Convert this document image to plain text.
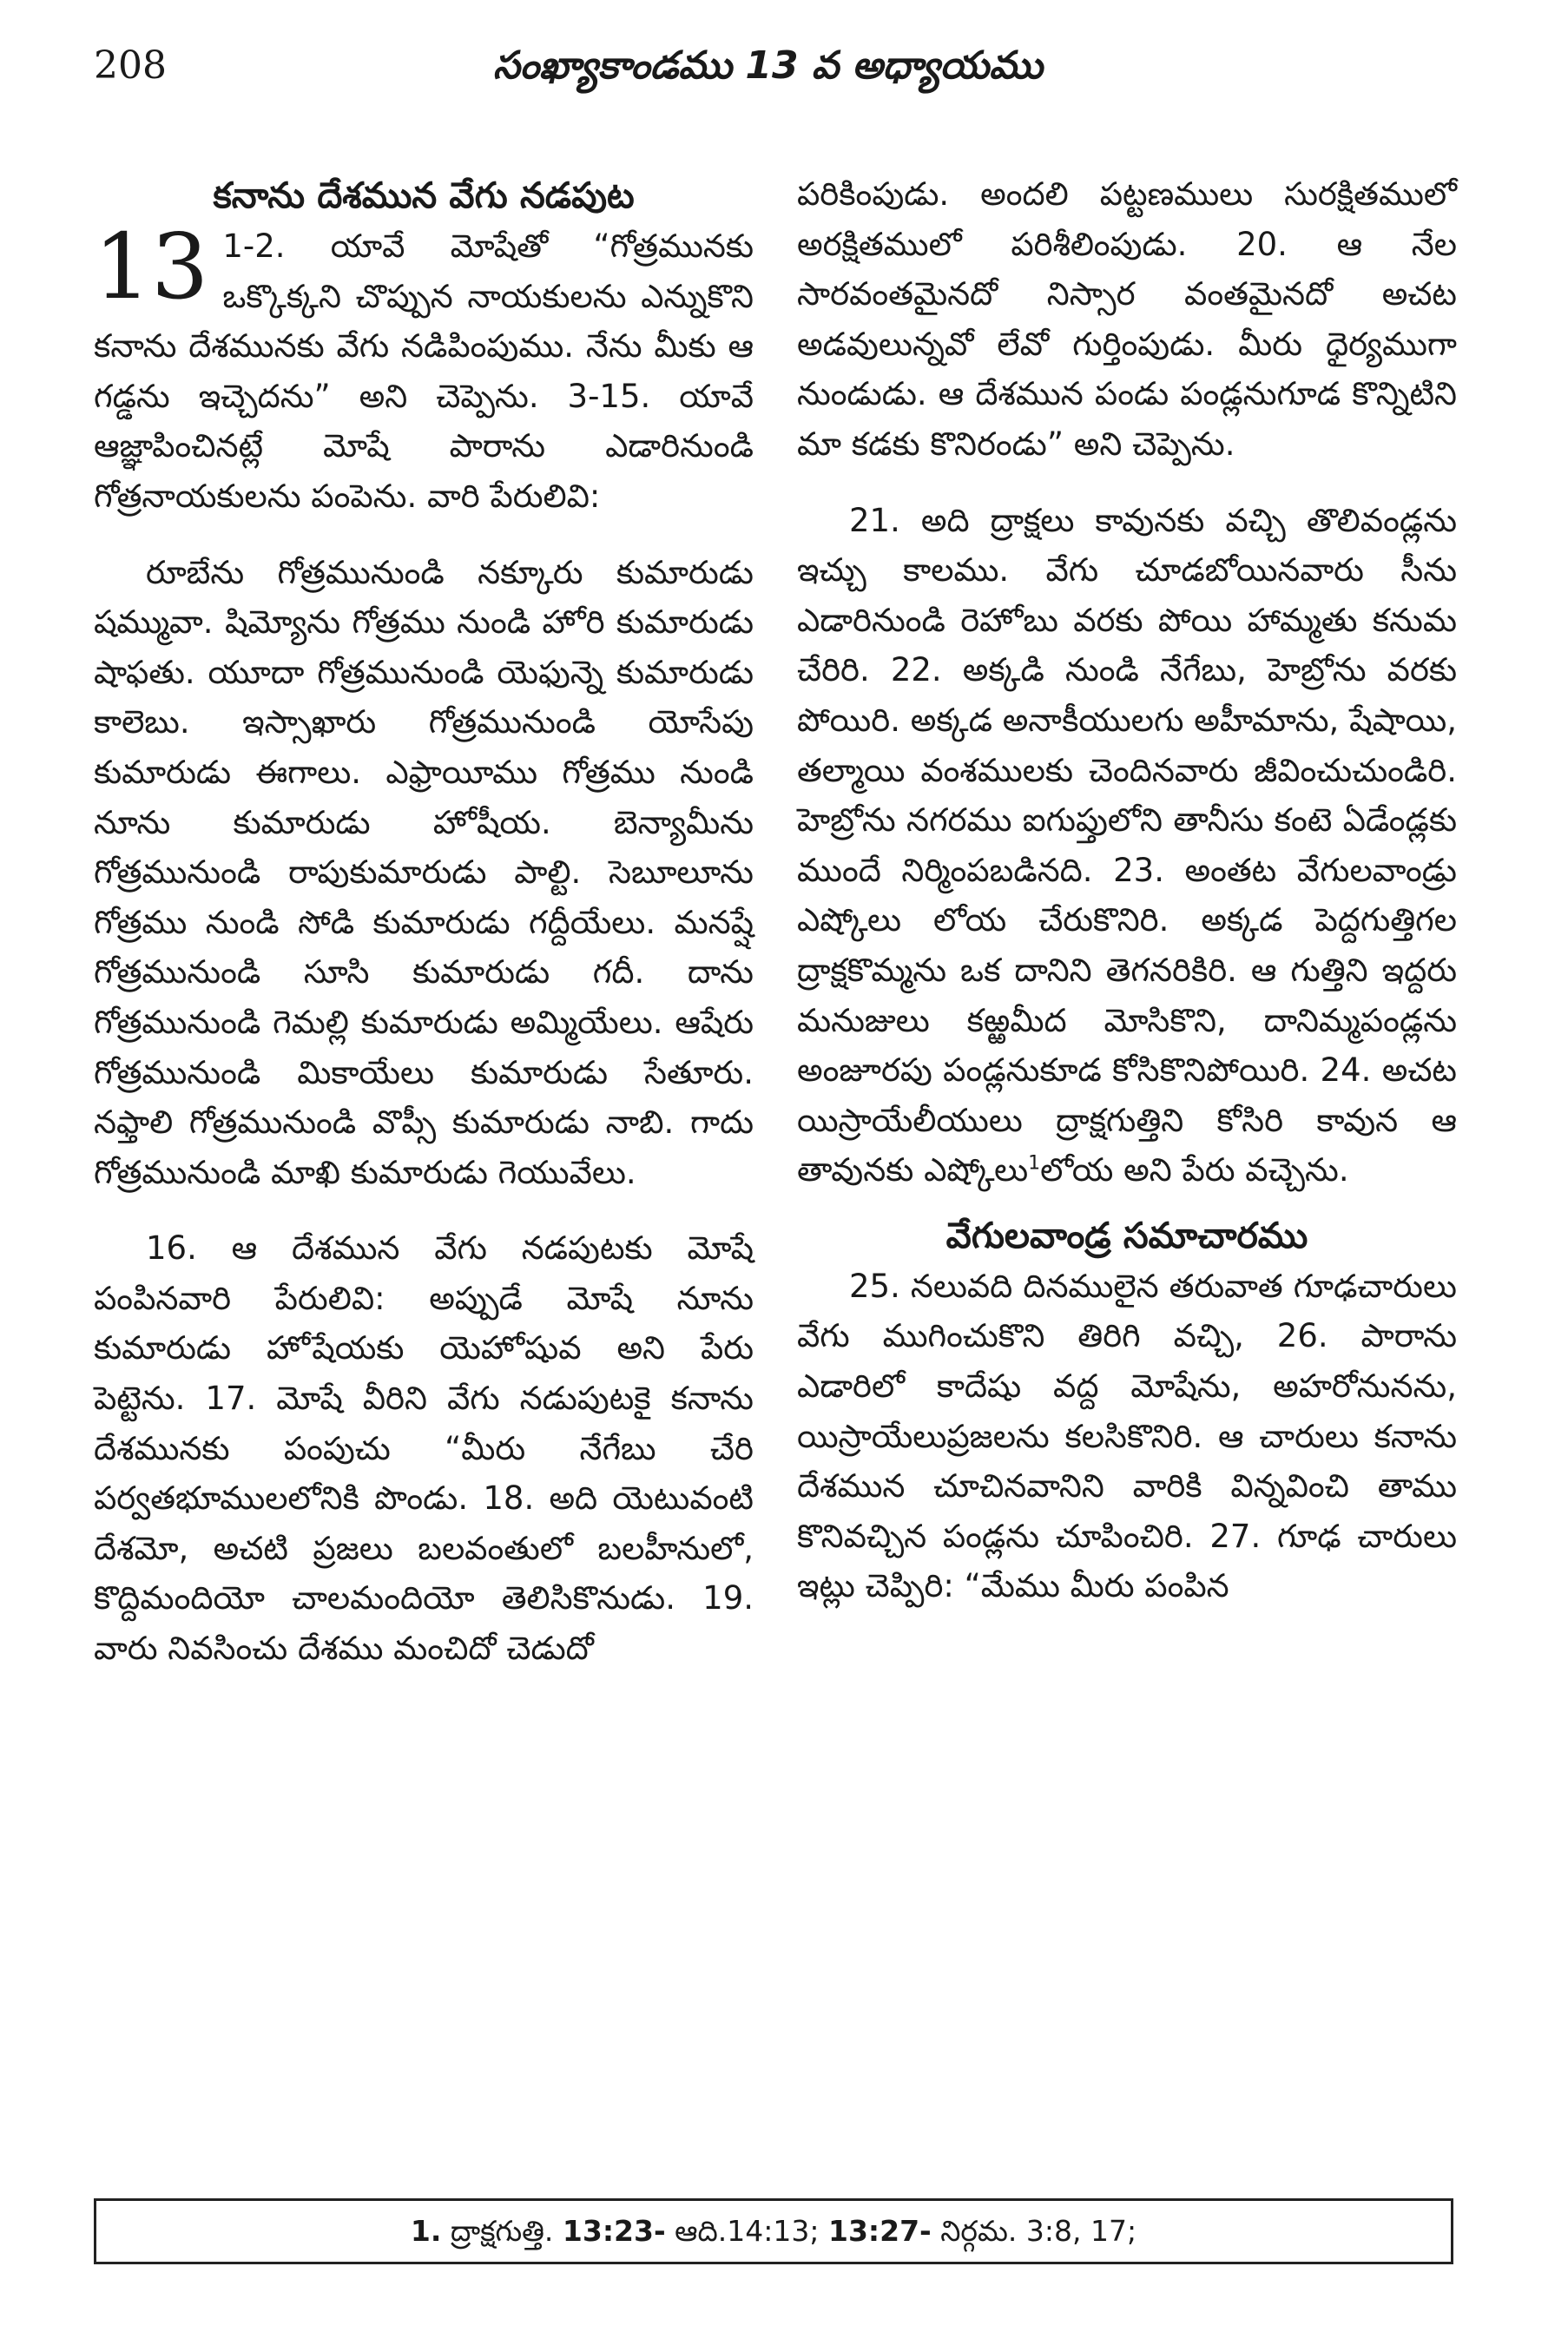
208	సంఖ్యాకాండము 13 వ అధ్యాయము
కనాను దేశమున వేగు నడపుట

13 1-2. యావే మోషేతో “గోత్రమునకు ఒక్కొక్కని చొప్పున నాయకులను ఎన్నుకొని కనాను దేశమునకు వేగు నడిపింపుము. నేను మీకు ఆ గడ్డను ఇచ్చెదను” అని చెప్పెను. 3-15. యావే ఆజ్ఞాపించినట్లే మోషే పారాను ఎడారినుండి గోత్రనాయకులను పంపెను. వారి పేరులివి:

రూబేను గోత్రమునుండి నక్కూరు కుమారుడు షమ్మువా. షిమ్యోను గోత్రము నుండి హోరి కుమారుడు షాఫతు. యూదా గోత్రమునుండి యెఫున్నె కుమారుడు కాలెబు. ఇస్సాఖారు గోత్రమునుండి యోసేపు కుమారుడు ఈగాలు. ఎఫ్రాయీము గోత్రము నుండి నూను కుమారుడు హోషీయ. బెన్యామీను గోత్రమునుండి రాపుకుమారుడు పాల్టి. సెబూలూను గోత్రము నుండి సోడి కుమారుడు గద్దీయేలు. మనష్షే గోత్రమునుండి సూసి కుమారుడు గదీ. దాను గోత్రమునుండి గెమల్లి కుమారుడు అమ్మియేలు. ఆషేరు గోత్రమునుండి మికాయేలు కుమారుడు సేతూరు. నఫ్తాలి గోత్రమునుండి వొప్సీ కుమారుడు నాబి. గాదు గోత్రమునుండి మాఖి కుమారుడు గెయువేలు.

16. ఆ దేశమున వేగు నడపుటకు మోషే పంపినవారి పేరులివి: అప్పుడే మోషే నూను కుమారుడు హోషేయకు యెహోషువ అని పేరు పెట్టెను. 17. మోషే వీరిని వేగు నడుపుటకై కనాను దేశమునకు పంపుచు “మీరు నేగేబు చేరి పర్వతభూములలోనికి పొండు. 18. అది యెటువంటి దేశమో, అచటి ప్రజలు బలవంతులో బలహీనులో, కొద్దిమందియో చాలమందియో తెలిసికొనుడు. 19. వారు నివసించు దేశము మంచిదో చెడుదో

పరికింపుడు. అందలి పట్టణములు సురక్షితములో అరక్షితములో పరిశీలింపుడు. 20. ఆ నేల సారవంతమైనదో నిస్సార వంతమైనదో అచట అడవులున్నవో లేవో గుర్తింపుడు. మీరు ధైర్యముగా నుండుడు. ఆ దేశమున పండు పండ్లనుగూడ కొన్నిటిని మా కడకు కొనిరండు” అని చెప్పెను.

21. అది ద్రాక్షలు కావునకు వచ్చి తొలివండ్లను ఇచ్చు కాలము. వేగు చూడబోయినవారు సీను ఎడారినుండి రెహోబు వరకు పోయి హామ్మతు కనుమ చేరిరి. 22. అక్కడి నుండి నేగేబు, హెబ్రోను వరకు పోయిరి. అక్కడ అనాకీయులగు అహీమాను, షేషాయి, తల్మాయి వంశములకు చెందినవారు జీవించుచుండిరి. హెబ్రోను నగరము ఐగుప్తులోని తానీసు కంటె ఏడేండ్లకు ముందే నిర్మింపబడినది. 23. అంతట వేగులవాండ్రు ఎష్కోలు లోయ చేరుకొనిరి. అక్కడ పెద్దగుత్తిగల ద్రాక్షకొమ్మను ఒక దానిని తెగనరికిరి. ఆ గుత్తిని ఇద్దరు మనుజులు కఱ్ఱమీద మోసికొని, దానిమ్మపండ్లను అంజూరపు పండ్లనుకూడ కోసికొనిపోయిరి. 24. అచట యిస్రాయేలీయులు ద్రాక్షగుత్తిని కోసిరి కావున ఆ తావునకు ఎష్కోలు$^1$లోయ అని పేరు వచ్చెను.

వేగులవాండ్ర సమాచారము

25. నలువది దినములైన తరువాత గూఢచారులు వేగు ముగించుకొని తిరిగి వచ్చి, 26. పారాను ఎడారిలో కాదేషు వద్ద మోషేను, అహరోనునను, యిస్రాయేలుప్రజలను కలసికొనిరి. ఆ చారులు కనాను దేశమున చూచినవానిని వారికి విన్నవించి తాము కొనివచ్చిన పండ్లను చూపించిరి. 27. గూఢ చారులు ఇట్లు చెప్పిరి: “మేము మీరు పంపిన

1. ద్రాక్షగుత్తి. 13:23- ఆది.14:13; 13:27- నిర్గమ. 3:8, 17;
